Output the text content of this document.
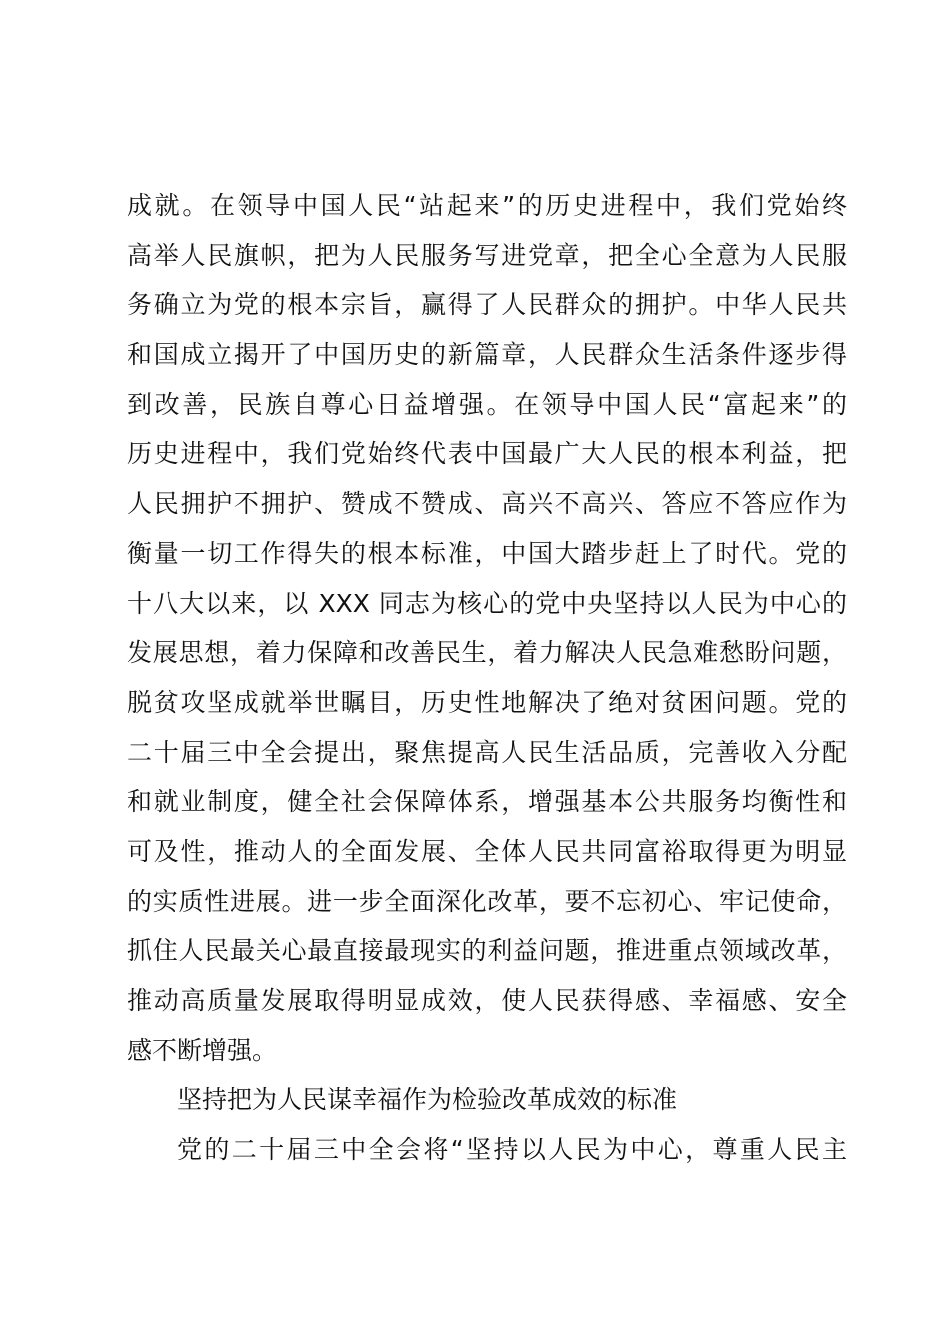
成就。在领导中国人民“站起来”的历史进程中，我们党始终
高举人民旗帜，把为人民服务写进党章，把全心全意为人民服
务确立为党的根本宗旨，赢得了人民群众的拥护。中华人民共
和国成立揭开了中国历史的新篇章，人民群众生活条件逐步得
到改善，民族自尊心日益增强。在领导中国人民“富起来”的
历史进程中，我们党始终代表中国最广大人民的根本利益，把
人民拥护不拥护、赞成不赞成、高兴不高兴、答应不答应作为
衡量一切工作得失的根本标准，中国大踏步赶上了时代。党的
十八大以来，以 XXX 同志为核心的党中央坚持以人民为中心的
发展思想，着力保障和改善民生，着力解决人民急难愁盼问题，
脱贫攻坚成就举世瞩目，历史性地解决了绝对贫困问题。党的
二十届三中全会提出，聚焦提高人民生活品质，完善收入分配
和就业制度，健全社会保障体系，增强基本公共服务均衡性和
可及性，推动人的全面发展、全体人民共同富裕取得更为明显
的实质性进展。进一步全面深化改革，要不忘初心、牢记使命，
抓住人民最关心最直接最现实的利益问题，推进重点领域改革，
推动高质量发展取得明显成效，使人民获得感、幸福感、安全
感不断增强。
坚持把为人民谋幸福作为检验改革成效的标准
党的二十届三中全会将“坚持以人民为中心，尊重人民主
